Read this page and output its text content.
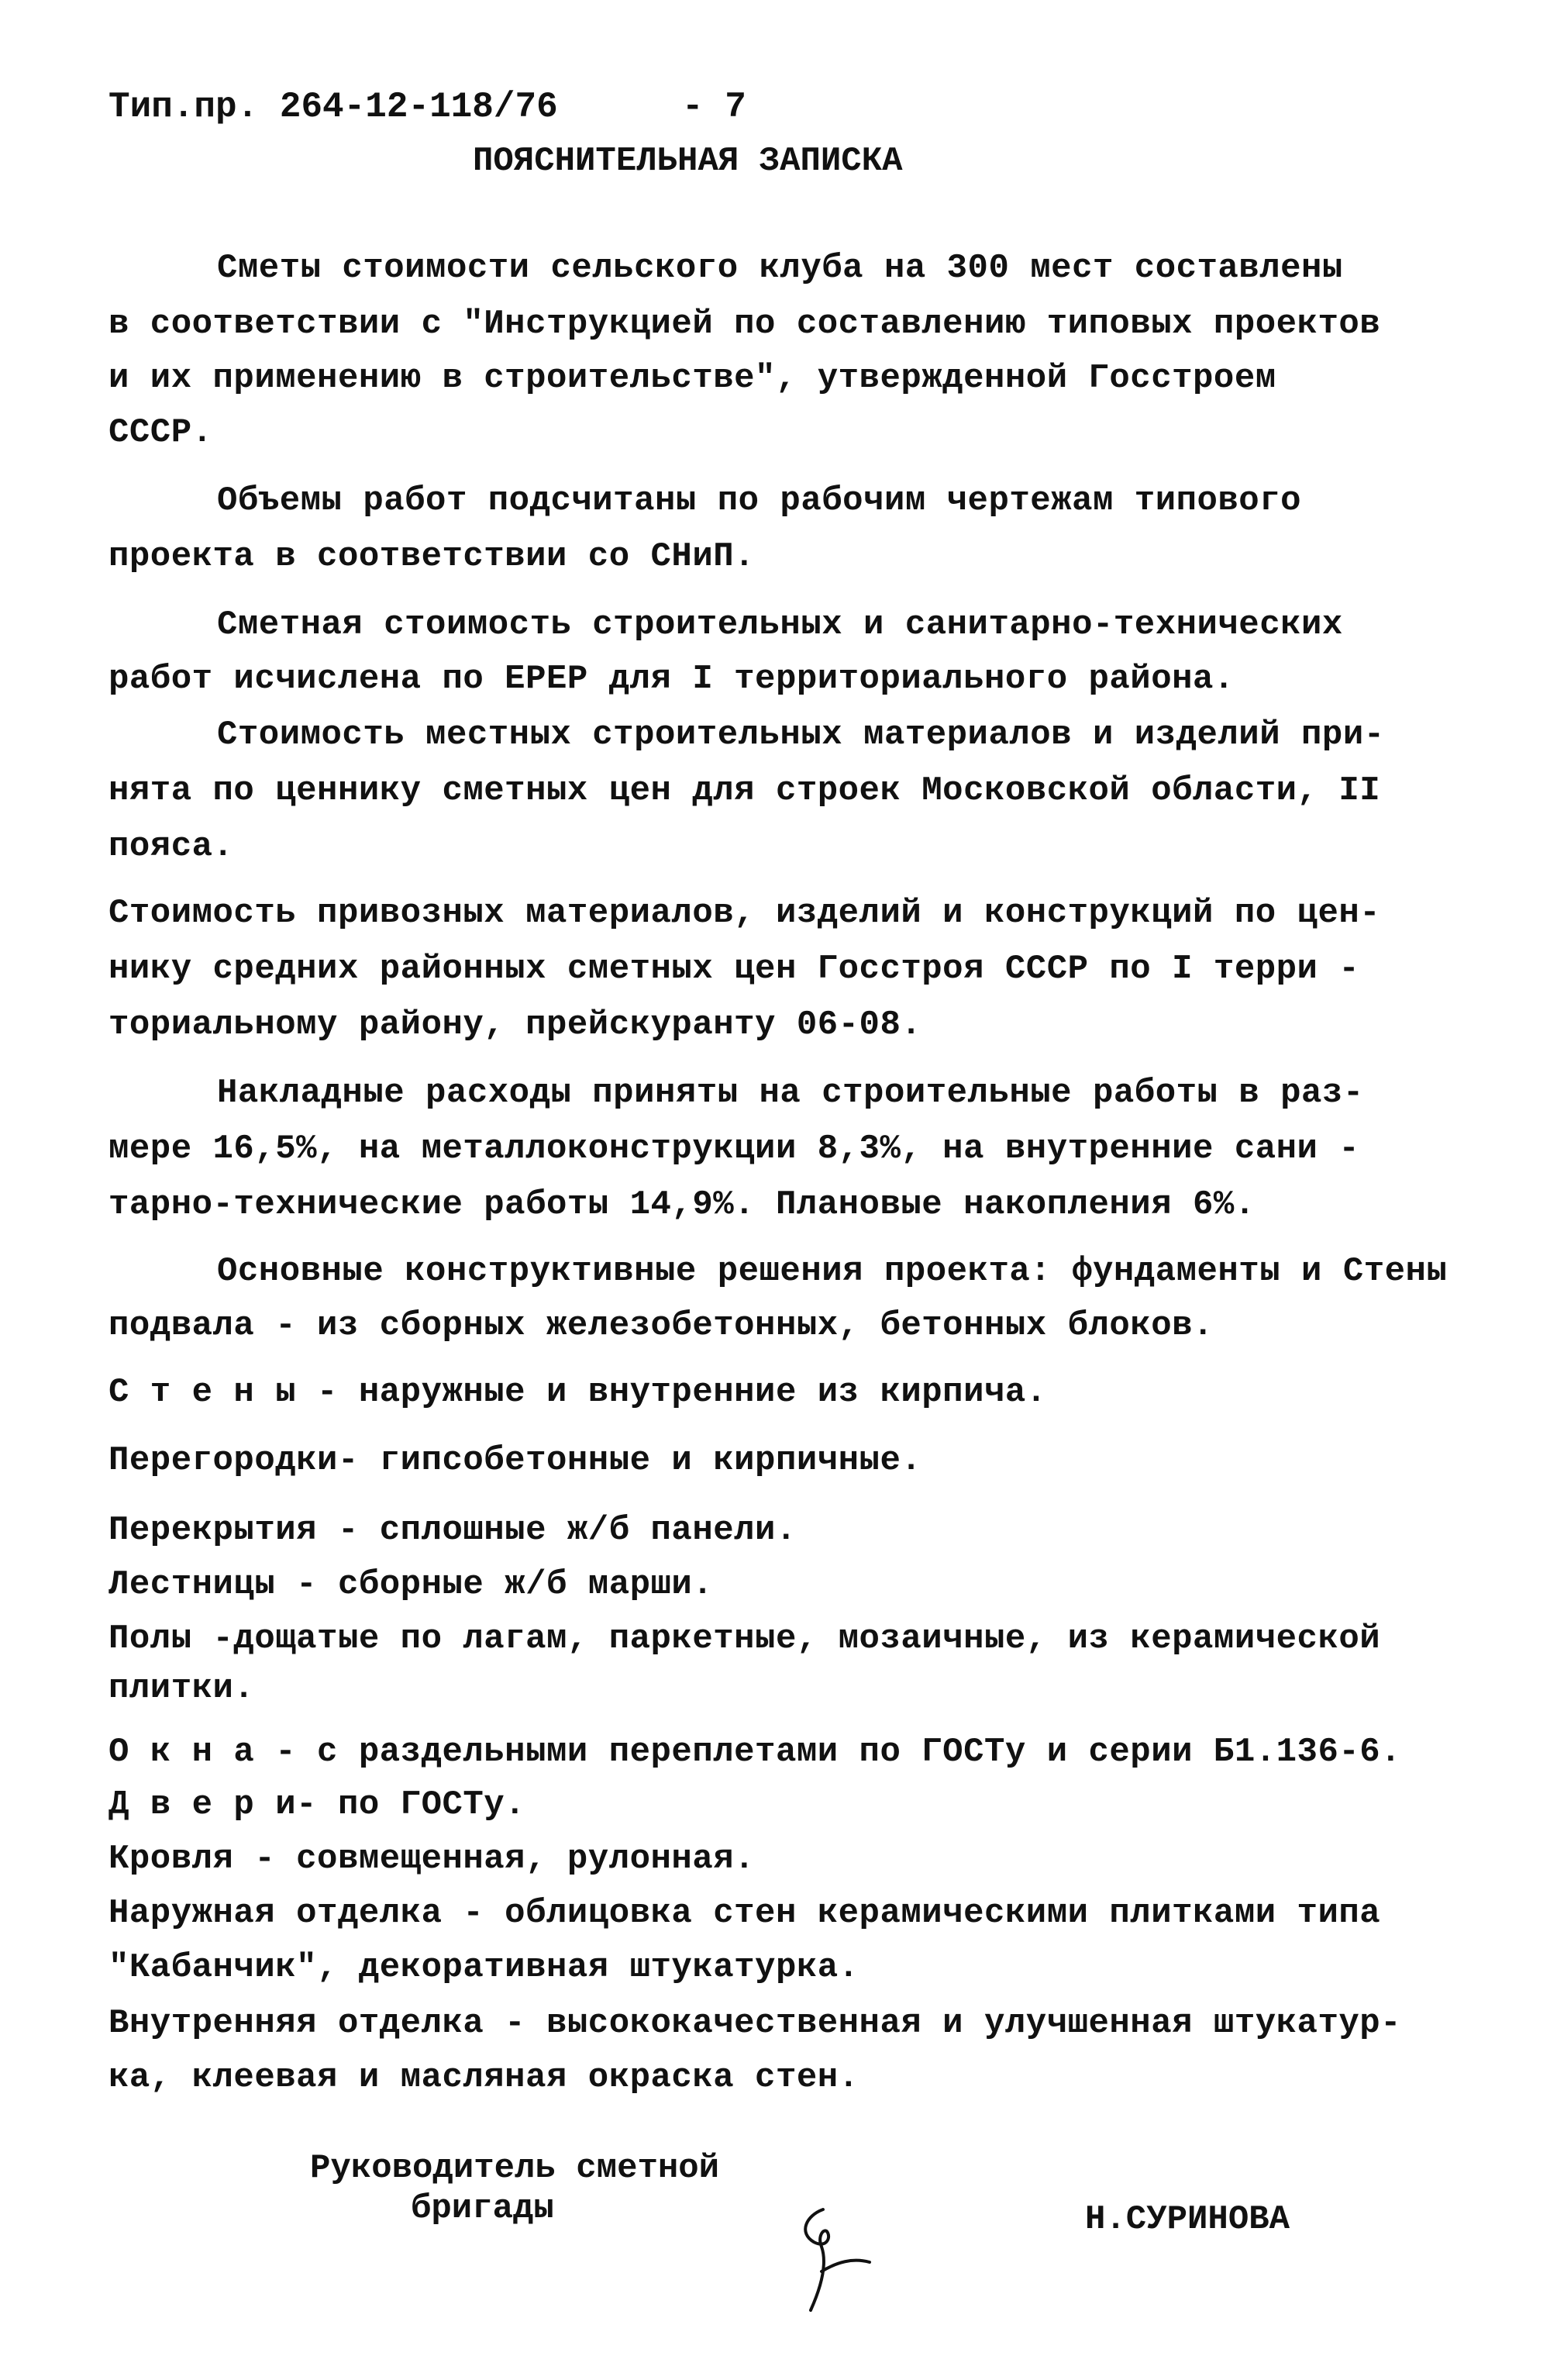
Тип.пр. 264-12-118/76	- 7
ПОЯСНИТЕЛЬНАЯ ЗАПИСКА
Сметы стоимости сельского клуба на 300 мест составлены
в соответствии с "Инструкцией по составлению типовых проектов
и их применению в строительстве", утвержденной Госстроем
СССР.
Объемы работ подсчитаны по рабочим чертежам типового
проекта в соответствии со СНиП.
Сметная стоимость строительных и санитарно-технических
работ исчислена по ЕРЕР для I территориального района.
Стоимость местных строительных материалов и изделий при-
нята по ценнику сметных цен для строек Московской области, II
пояса.
Стоимость привозных материалов, изделий и конструкций по цен-
нику средних районных сметных цен Госстроя СССР по I терри -
ториальному району, прейскуранту 06-08.
Накладные расходы приняты на строительные работы в раз-
мере 16,5%, на металлоконструкции 8,3%, на внутренние сани -
тарно-технические работы 14,9%. Плановые накопления 6%.
Основные конструктивные решения проекта: фундаменты и Стены
подвала - из сборных железобетонных, бетонных блоков.
С т е н ы - наружные и внутренние из кирпича.
Перегородки- гипсобетонные и кирпичные.
Перекрытия - сплошные ж/б панели.
Лестницы - сборные ж/б марши.
Полы -дощатые по лагам, паркетные, мозаичные, из керамической
плитки.
О к н а - с раздельными переплетами по ГОСТу и серии Б1.136-6.
Д в е р и- по ГОСТу.
Кровля - совмещенная, рулонная.
Наружная отделка - облицовка стен керамическими плитками типа
"Кабанчик", декоративная штукатурка.
Внутренняя отделка - высококачественная и улучшенная штукатур-
ка, клеевая и масляная окраска стен.
Руководитель сметной
бригады	Н.СУРИНОВА
